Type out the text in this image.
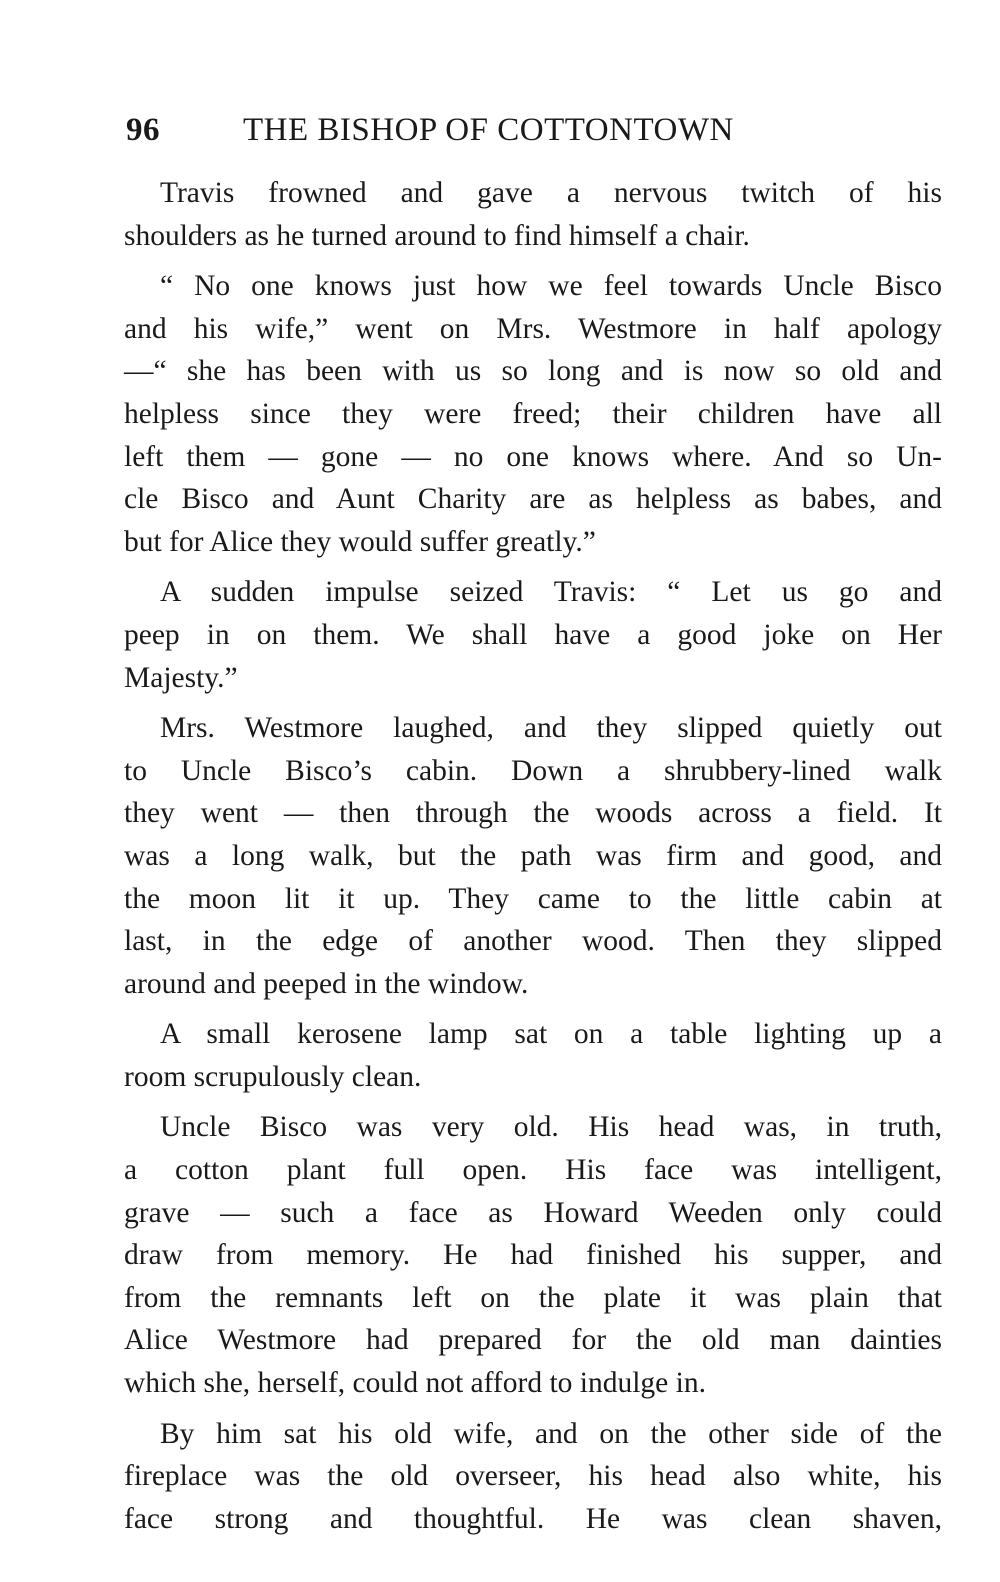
96	THE BISHOP OF COTTONTOWN
Travis frowned and gave a nervous twitch of his
shoulders as he turned around to find himself a chair.
“ No one knows just how we feel towards Uncle Bisco
and his wife,” went on Mrs. Westmore in half apology
—“ she has been with us so long and is now so old and
helpless since they were freed; their children have all
left them — gone — no one knows where. And so Un-
cle Bisco and Aunt Charity are as helpless as babes, and
but for Alice they would suffer greatly.”
A sudden impulse seized Travis: “ Let us go and
peep in on them. We shall have a good joke on Her
Majesty.”
Mrs. Westmore laughed, and they slipped quietly out
to Uncle Bisco’s cabin. Down a shrubbery-lined walk
they went — then through the woods across a field. It
was a long walk, but the path was firm and good, and
the moon lit it up. They came to the little cabin at
last, in the edge of another wood. Then they slipped
around and peeped in the window.
A small kerosene lamp sat on a table lighting up a
room scrupulously clean.
Uncle Bisco was very old. His head was, in truth,
a cotton plant full open. His face was intelligent,
grave — such a face as Howard Weeden only could
draw from memory. He had finished his supper, and
from the remnants left on the plate it was plain that
Alice Westmore had prepared for the old man dainties
which she, herself, could not afford to indulge in.
By him sat his old wife, and on the other side of the
fireplace was the old overseer, his head also white, his
face strong and thoughtful. He was clean shaven,
